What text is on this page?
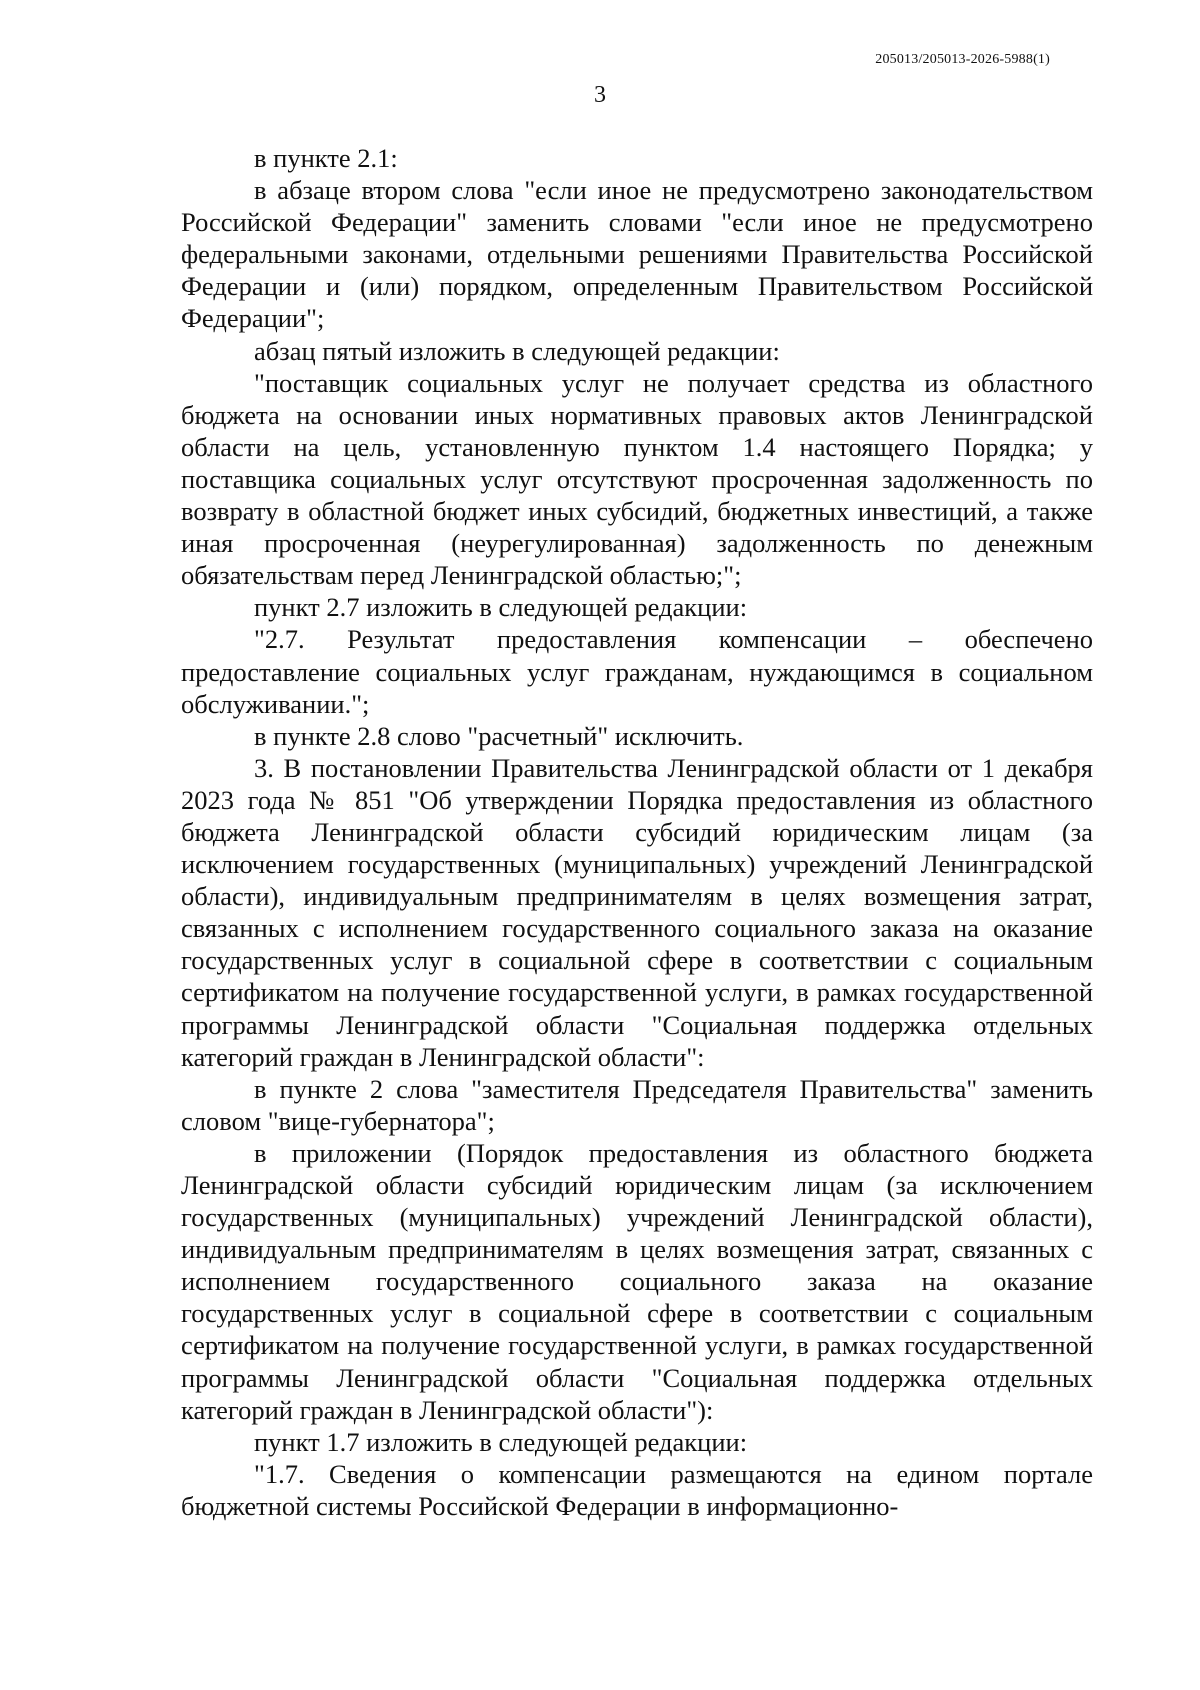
205013/205013-2026-5988(1)
3

в пункте 2.1:

в абзаце втором слова "если иное не предусмотрено законодательством Российской Федерации" заменить словами "если иное не предусмотрено федеральными законами, отдельными решениями Правительства Российской Федерации и (или) порядком, определенным Правительством Российской Федерации";

абзац пятый изложить в следующей редакции:

"поставщик социальных услуг не получает средства из областного бюджета на основании иных нормативных правовых актов Ленинградской области на цель, установленную пунктом 1.4 настоящего Порядка; у поставщика социальных услуг отсутствуют просроченная задолженность по возврату в областной бюджет иных субсидий, бюджетных инвестиций, а также иная просроченная (неурегулированная) задолженность по денежным обязательствам перед Ленинградской областью;";

пункт 2.7 изложить в следующей редакции:

"2.7. Результат предоставления компенсации – обеспечено предоставление социальных услуг гражданам, нуждающимся в социальном обслуживании.";

в пункте 2.8 слово "расчетный" исключить.

3. В постановлении Правительства Ленинградской области от 1 декабря 2023 года № 851 "Об утверждении Порядка предоставления из областного бюджета Ленинградской области субсидий юридическим лицам (за исключением государственных (муниципальных) учреждений Ленинградской области), индивидуальным предпринимателям в целях возмещения затрат, связанных с исполнением государственного социального заказа на оказание государственных услуг в социальной сфере в соответствии с социальным сертификатом на получение государственной услуги, в рамках государственной программы Ленинградской области "Социальная поддержка отдельных категорий граждан в Ленинградской области":

в пункте 2 слова "заместителя Председателя Правительства" заменить словом "вице-губернатора";

в приложении (Порядок предоставления из областного бюджета Ленинградской области субсидий юридическим лицам (за исключением государственных (муниципальных) учреждений Ленинградской области), индивидуальным предпринимателям в целях возмещения затрат, связанных с исполнением государственного социального заказа на оказание государственных услуг в социальной сфере в соответствии с социальным сертификатом на получение государственной услуги, в рамках государственной программы Ленинградской области "Социальная поддержка отдельных категорий граждан в Ленинградской области"):

пункт 1.7 изложить в следующей редакции:

"1.7. Сведения о компенсации размещаются на едином портале бюджетной системы Российской Федерации в информационно-
